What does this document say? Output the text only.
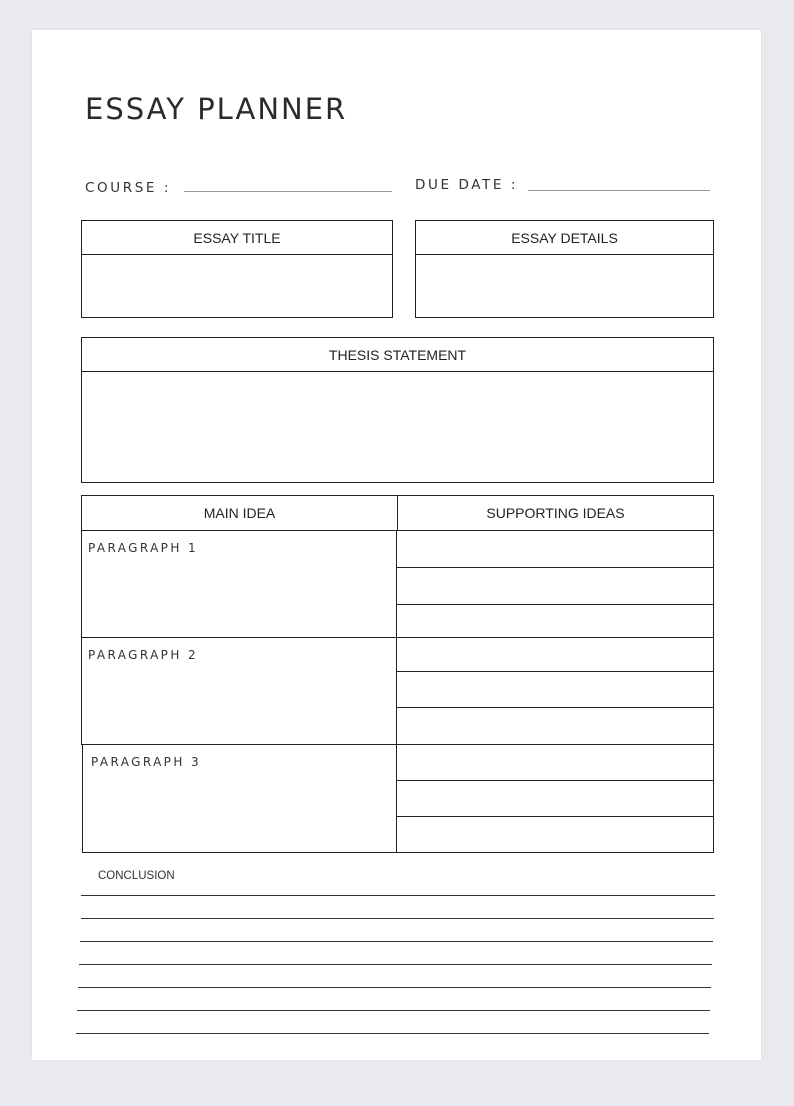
ESSAY PLANNER
COURSE :	DUE DATE :
ESSAY TITLE	ESSAY DETAILS
THESIS STATEMENT
MAIN IDEA	SUPPORTING IDEAS
PARAGRAPH 1
PARAGRAPH 2
PARAGRAPH 3
CONCLUSION
